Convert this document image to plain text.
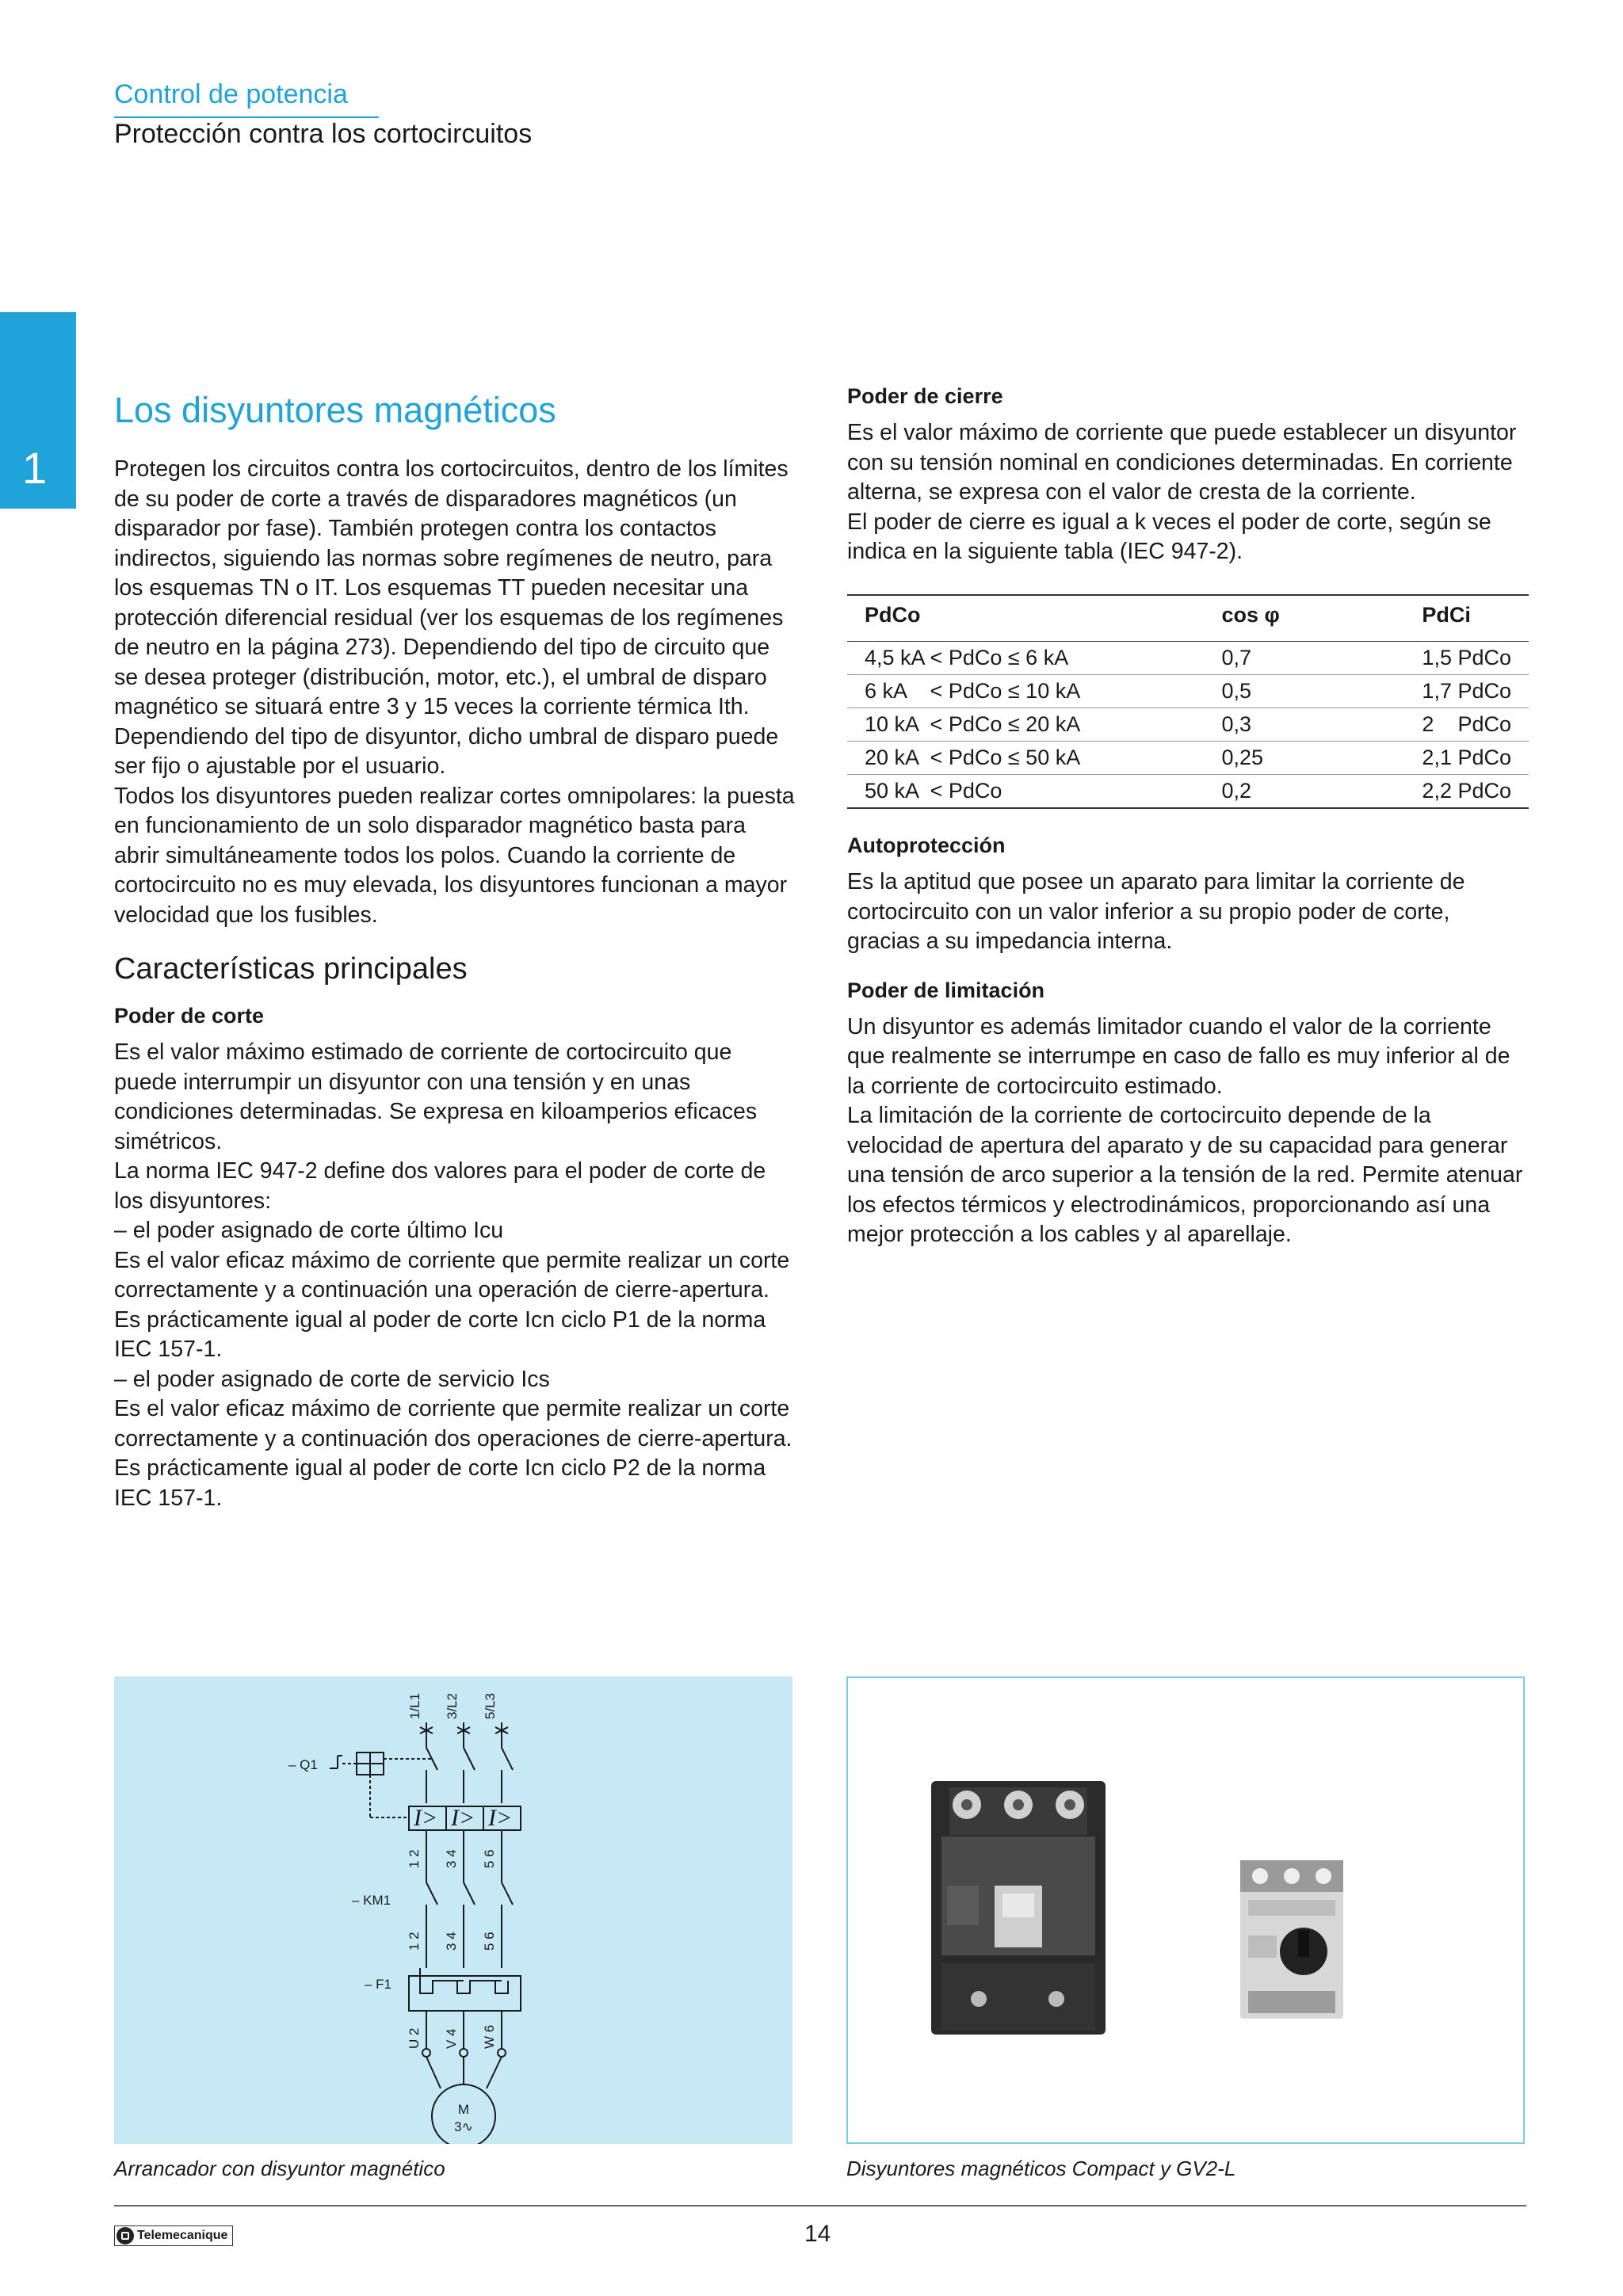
Control de potencia
Protección contra los cortocircuitos
1
Los disyuntores magnéticos

Protegen los circuitos contra los cortocircuitos, dentro de los límites de su poder de corte a través de disparadores magnéticos (un disparador por fase). También protegen contra los contactos indirectos, siguiendo las normas sobre regímenes de neutro, para los esquemas TN o IT. Los esquemas TT pueden necesitar una protección diferencial residual (ver los esquemas de los regímenes de neutro en la página 273). Dependiendo del tipo de circuito que se desea proteger (distribución, motor, etc.), el umbral de disparo magnético se situará entre 3 y 15 veces la corriente térmica Ith. Dependiendo del tipo de disyuntor, dicho umbral de disparo puede ser fijo o ajustable por el usuario.

Todos los disyuntores pueden realizar cortes omnipolares: la puesta en funcionamiento de un solo disparador magnético basta para abrir simultáneamente todos los polos. Cuando la corriente de cortocircuito no es muy elevada, los disyuntores funcionan a mayor velocidad que los fusibles.

Características principales
Poder de corte

Es el valor máximo estimado de corriente de cortocircuito que puede interrumpir un disyuntor con una tensión y en unas condiciones determinadas. Se expresa en kiloamperios eficaces simétricos.

La norma IEC 947-2 define dos valores para el poder de corte de los disyuntores:

– el poder asignado de corte último Icu

Es el valor eficaz máximo de corriente que permite realizar un corte correctamente y a continuación una operación de cierre-apertura. Es prácticamente igual al poder de corte Icn ciclo P1 de la norma IEC 157-1.

– el poder asignado de corte de servicio Ics

Es el valor eficaz máximo de corriente que permite realizar un corte correctamente y a continuación dos operaciones de cierre-apertura. Es prácticamente igual al poder de corte Icn ciclo P2 de la norma IEC 157-1.

Poder de cierre

Es el valor máximo de corriente que puede establecer un disyuntor con su tensión nominal en condiciones determinadas. En corriente alterna, se expresa con el valor de cresta de la corriente.

El poder de cierre es igual a k veces el poder de corte, según se indica en la siguiente tabla (IEC 947-2).

PdCo	cos φ	PdCi
4,5 kA < PdCo ≤ 6 kA	0,7	1,5 PdCo
6 kA    < PdCo ≤ 10 kA	0,5	1,7 PdCo
10 kA  < PdCo ≤ 20 kA	0,3	2    PdCo
20 kA  < PdCo ≤ 50 kA	0,25	2,1 PdCo
50 kA  < PdCo	0,2	2,2 PdCo
Autoprotección

Es la aptitud que posee un aparato para limitar la corriente de cortocircuito con un valor inferior a su propio poder de corte, gracias a su impedancia interna.

Poder de limitación

Un disyuntor es además limitador cuando el valor de la corriente que realmente se interrumpe en caso de fallo es muy inferior al de la corriente de cortocircuito estimado.

La limitación de la corriente de cortocircuito depende de la velocidad de apertura del aparato y de su capacidad para generar una tensión de arco superior a la tensión de la red. Permite atenuar los efectos térmicos y electrodinámicos, proporcionando así una mejor protección a los cables y al aparellaje.

1/L1 3/L2 5/L3
– Q1
– KM1
– F1
1 2 3 4 5 6
1 2 3 4 5 6
U 2 V 4 W 6
I> I> I>
M
3∿
Arrancador con disyuntor magnético	Disyuntores magnéticos Compact y GV2-L
Telemecanique	14
